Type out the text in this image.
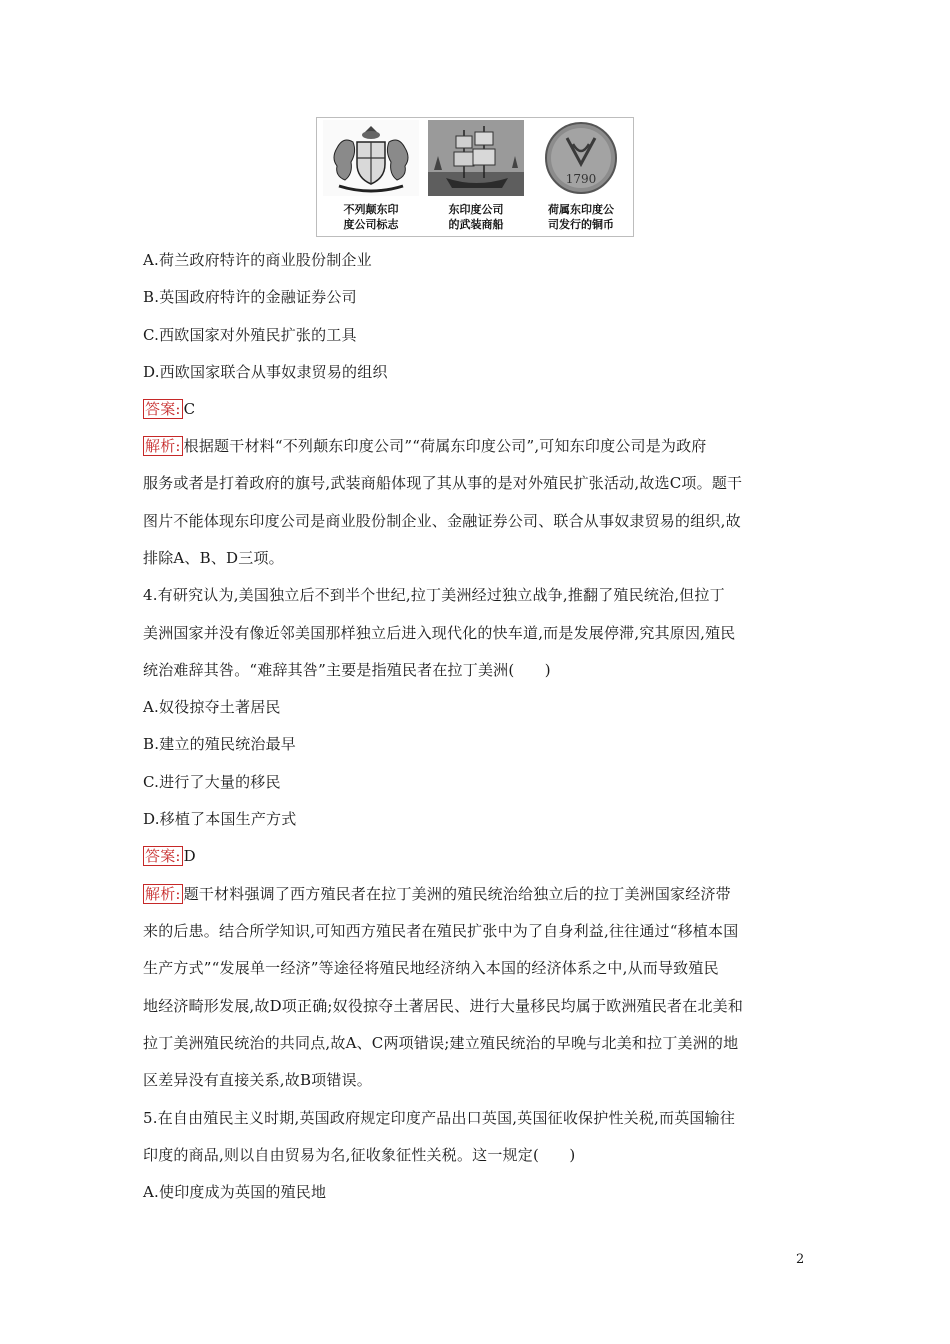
不列颠东印
度公司标志
东印度公司
的武装商船
1790
荷属东印度公
司发行的铜币
A.荷兰政府特许的商业股份制企业
B.英国政府特许的金融证券公司
C.西欧国家对外殖民扩张的工具
D.西欧国家联合从事奴隶贸易的组织
答案: C
解析: 根据题干材料“不列颠东印度公司”“荷属东印度公司”,可知东印度公司是为政府
服务或者是打着政府的旗号,武装商船体现了其从事的是对外殖民扩张活动,故选C项。题干
图片不能体现东印度公司是商业股份制企业、金融证券公司、联合从事奴隶贸易的组织,故
排除A、B、D三项。
4.有研究认为,美国独立后不到半个世纪,拉丁美洲经过独立战争,推翻了殖民统治,但拉丁
美洲国家并没有像近邻美国那样独立后进入现代化的快车道,而是发展停滞,究其原因,殖民
统治难辞其咎。“难辞其咎”主要是指殖民者在拉丁美洲(　　)
A.奴役掠夺土著居民
B.建立的殖民统治最早
C.进行了大量的移民
D.移植了本国生产方式
答案: D
解析: 题干材料强调了西方殖民者在拉丁美洲的殖民统治给独立后的拉丁美洲国家经济带
来的后患。结合所学知识,可知西方殖民者在殖民扩张中为了自身利益,往往通过“移植本国
生产方式”“发展单一经济”等途径将殖民地经济纳入本国的经济体系之中,从而导致殖民
地经济畸形发展,故D项正确;奴役掠夺土著居民、进行大量移民均属于欧洲殖民者在北美和
拉丁美洲殖民统治的共同点,故A、C两项错误;建立殖民统治的早晚与北美和拉丁美洲的地
区差异没有直接关系,故B项错误。
5.在自由殖民主义时期,英国政府规定印度产品出口英国,英国征收保护性关税,而英国输往
印度的商品,则以自由贸易为名,征收象征性关税。这一规定(　　)
A.使印度成为英国的殖民地
2
